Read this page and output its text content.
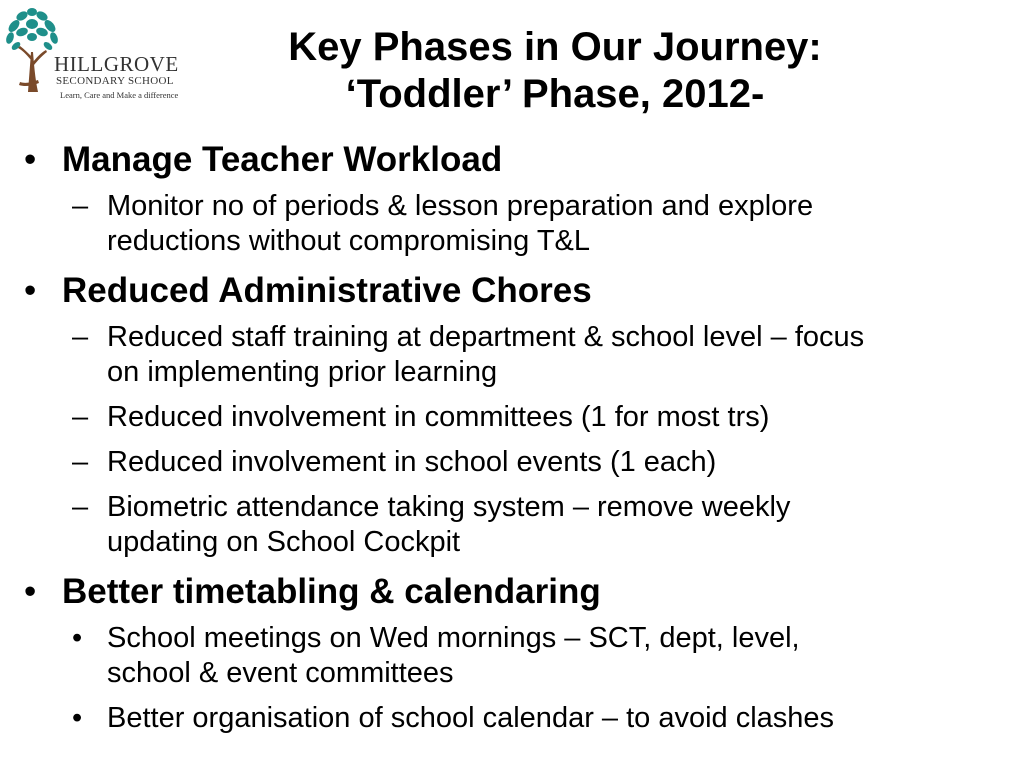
HILLGROVE
SECONDARY SCHOOL
Learn, Care and Make a difference
Key Phases in Our Journey:
‘Toddler’ Phase, 2012-
• Manage Teacher Workload
– Monitor no of periods & lesson preparation and explore
reductions without compromising T&L
• Reduced Administrative Chores
– Reduced staff training at department & school level – focus
on implementing prior learning
– Reduced involvement in committees (1 for most trs)
– Reduced involvement in school events (1 each)
– Biometric attendance taking system – remove weekly
updating on School Cockpit
• Better timetabling & calendaring
• School meetings on Wed mornings – SCT, dept, level,
school & event committees
• Better organisation of school calendar – to avoid clashes
